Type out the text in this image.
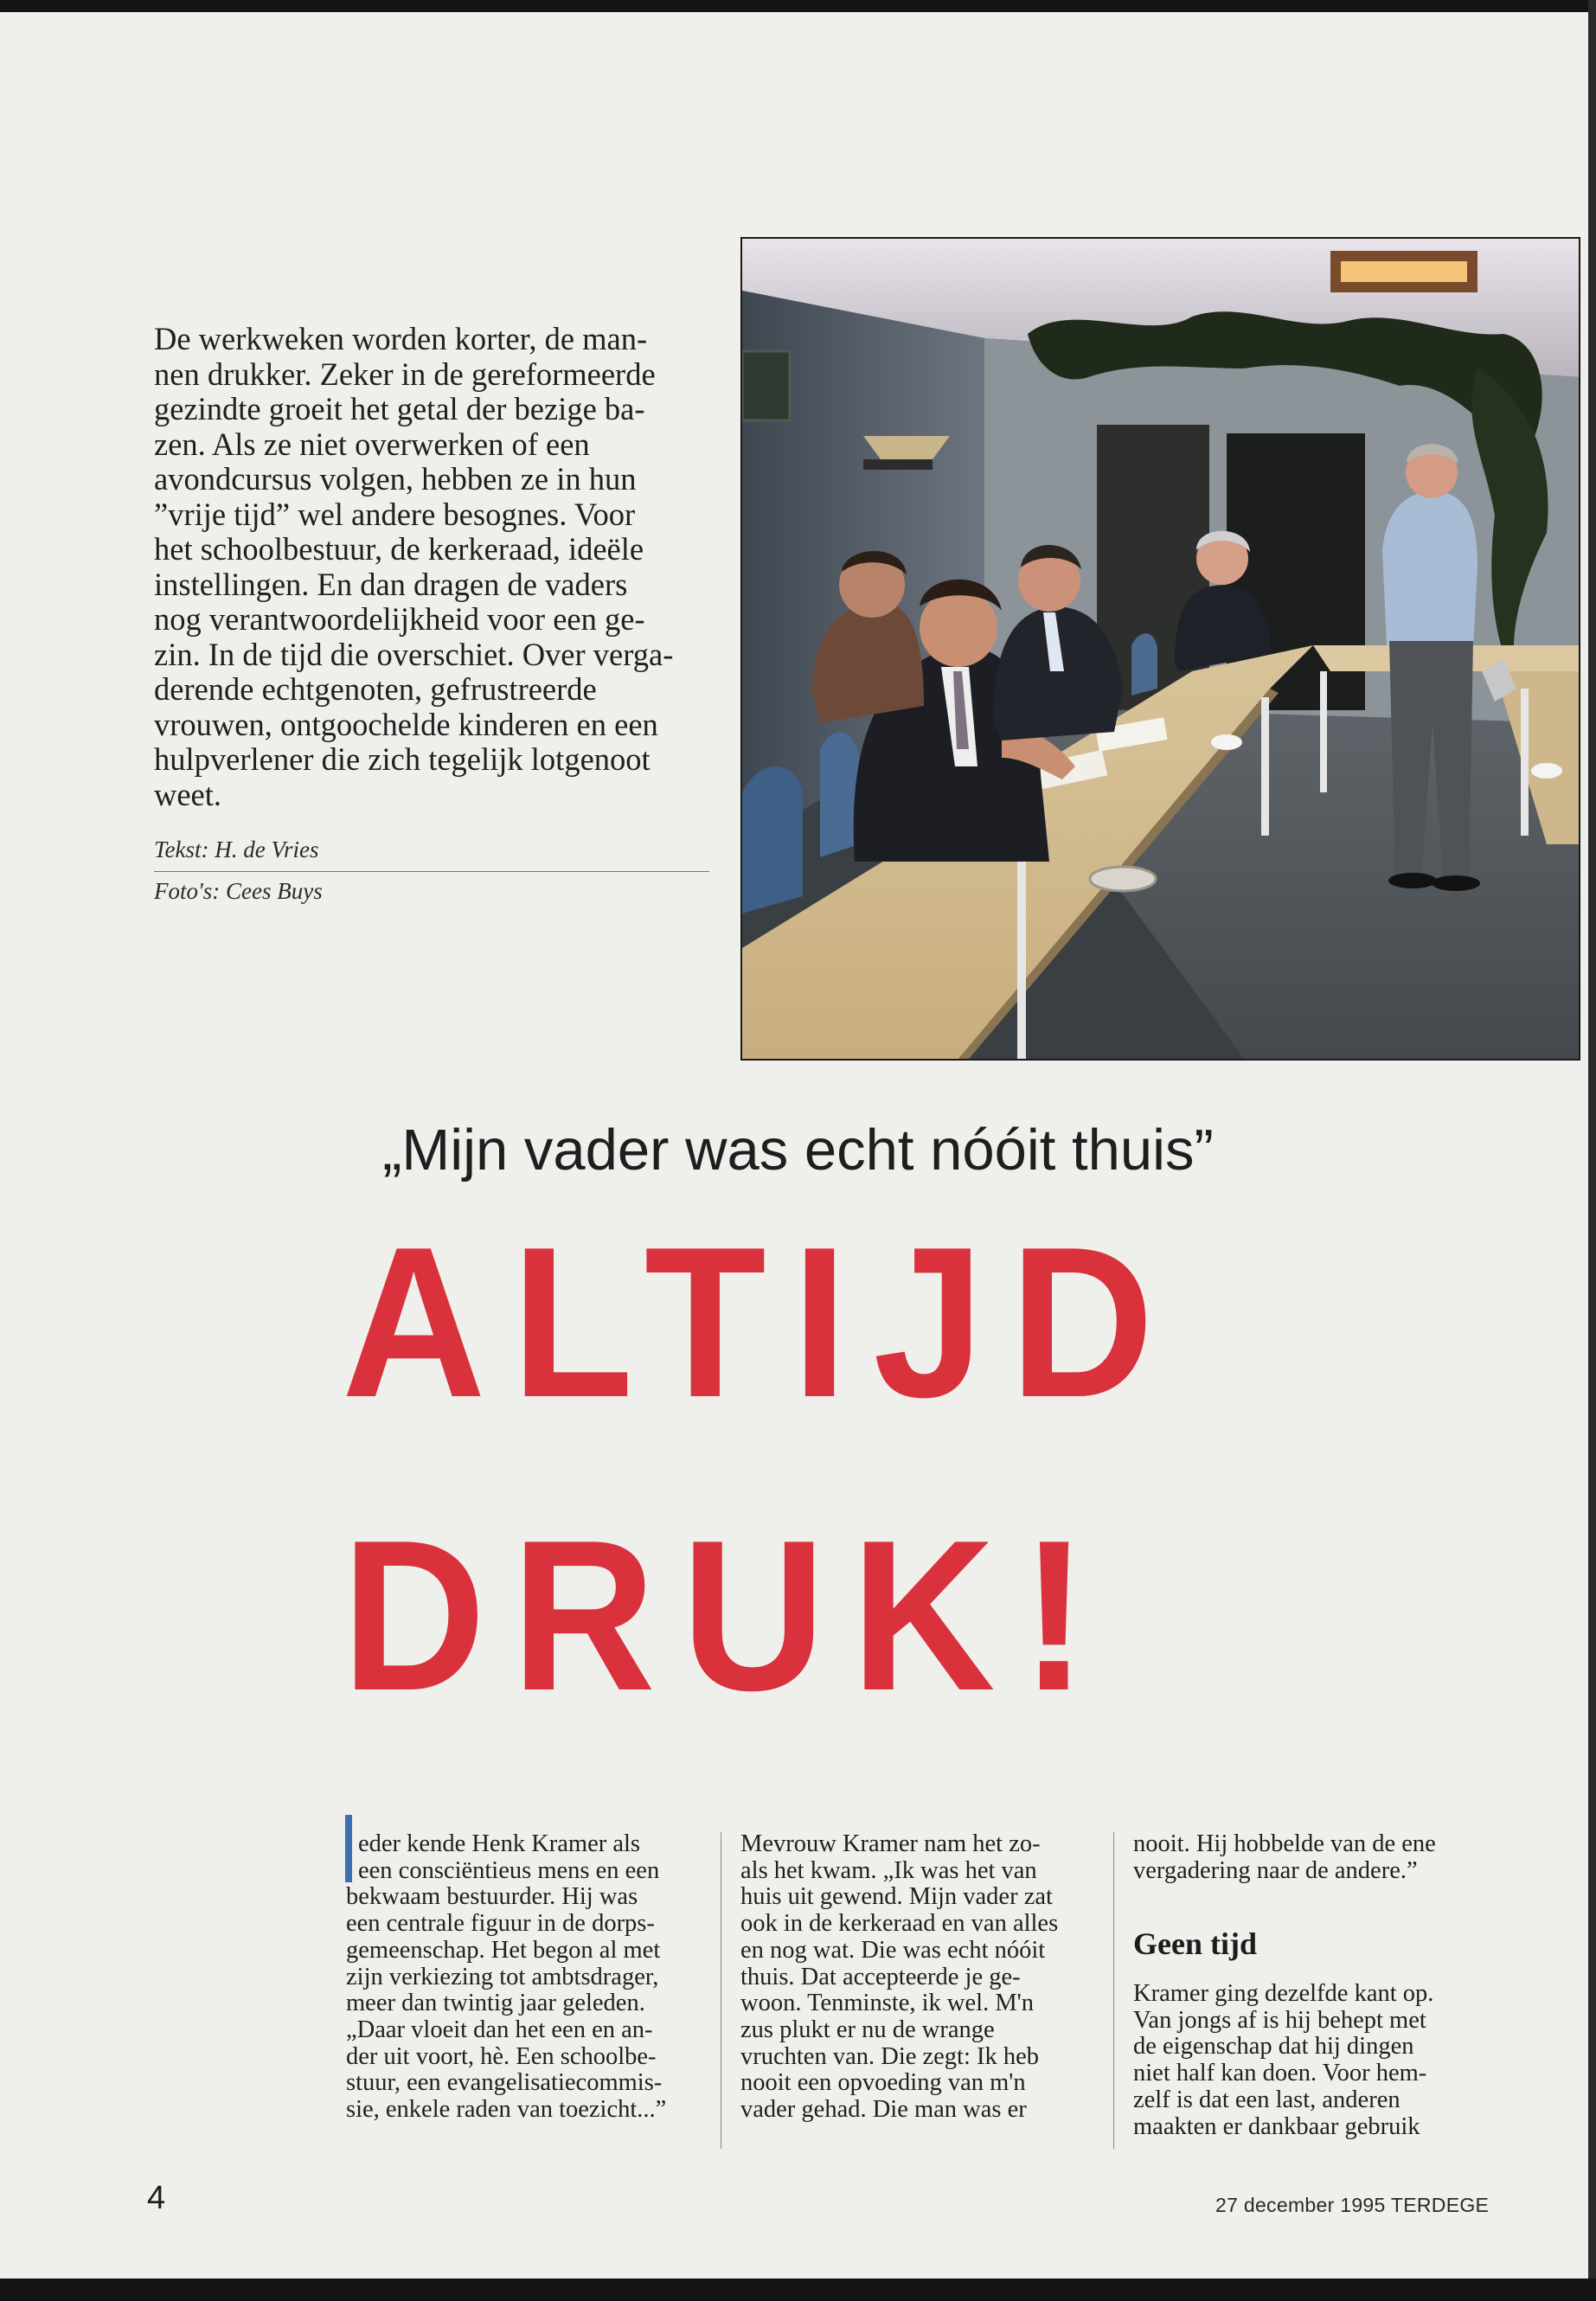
De werkweken worden korter, de man-

nen drukker. Zeker in de gereformeerde

gezindte groeit het getal der bezige ba-

zen. Als ze niet overwerken of een

avondcursus volgen, hebben ze in hun

”vrije tijd” wel andere besognes. Voor

het schoolbestuur, de kerkeraad, ideële

instellingen. En dan dragen de vaders

nog verantwoordelijkheid voor een ge-

zin. In de tijd die overschiet. Over verga-

derende echtgenoten, gefrustreerde

vrouwen, ontgoochelde kinderen en een

hulpverlener die zich tegelijk lotgenoot

weet.

Tekst: H. de Vries
Foto's: Cees Buys
„Mijn vader was echt nóóit thuis”
ALTIJD
DRUK!

eder kende Henk Kramer als

een consciëntieus mens en een

bekwaam bestuurder. Hij was

een centrale figuur in de dorps-

gemeenschap. Het begon al met

zijn verkiezing tot ambtsdrager,

meer dan twintig jaar geleden.

„Daar vloeit dan het een en an-

der uit voort, hè. Een schoolbe-

stuur, een evangelisatiecommis-

sie, enkele raden van toezicht...”

Mevrouw Kramer nam het zo-

als het kwam. „Ik was het van

huis uit gewend. Mijn vader zat

ook in de kerkeraad en van alles

en nog wat. Die was echt nóóit

thuis. Dat accepteerde je ge-

woon. Tenminste, ik wel. M'n

zus plukt er nu de wrange

vruchten van. Die zegt: Ik heb

nooit een opvoeding van m'n

vader gehad. Die man was er

nooit. Hij hobbelde van de ene

vergadering naar de andere.”

Geen tijd

Kramer ging dezelfde kant op.

Van jongs af is hij behept met

de eigenschap dat hij dingen

niet half kan doen. Voor hem-

zelf is dat een last, anderen

maakten er dankbaar gebruik

4	27 december 1995 TERDEGE
